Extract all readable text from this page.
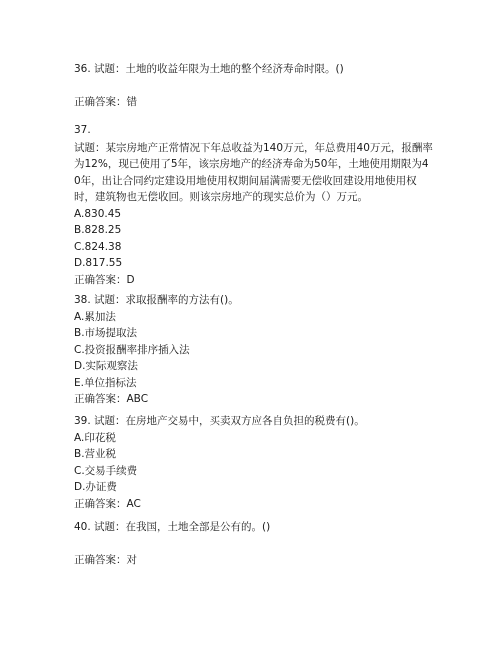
36. 试题：土地的收益年限为土地的整个经济寿命时限。()
正确答案：错
37.
试题：某宗房地产正常情况下年总收益为140万元，年总费用40万元，报酬率为12%，现已使用了5年，该宗房地产的经济寿命为50年，土地使用期限为40年，出让合同约定建设用地使用权期间届满需要无偿收回建设用地使用权时，建筑物也无偿收回。则该宗房地产的现实总价为（）万元。
A.830.45
B.828.25
C.824.38
D.817.55
正确答案：D
38. 试题：求取报酬率的方法有()。
A.累加法
B.市场提取法
C.投资报酬率排序插入法
D.实际观察法
E.单位指标法
正确答案：ABC
39. 试题：在房地产交易中，买卖双方应各自负担的税费有()。
A.印花税
B.营业税
C.交易手续费
D.办证费
正确答案：AC
40. 试题：在我国，土地全部是公有的。()
正确答案：对
